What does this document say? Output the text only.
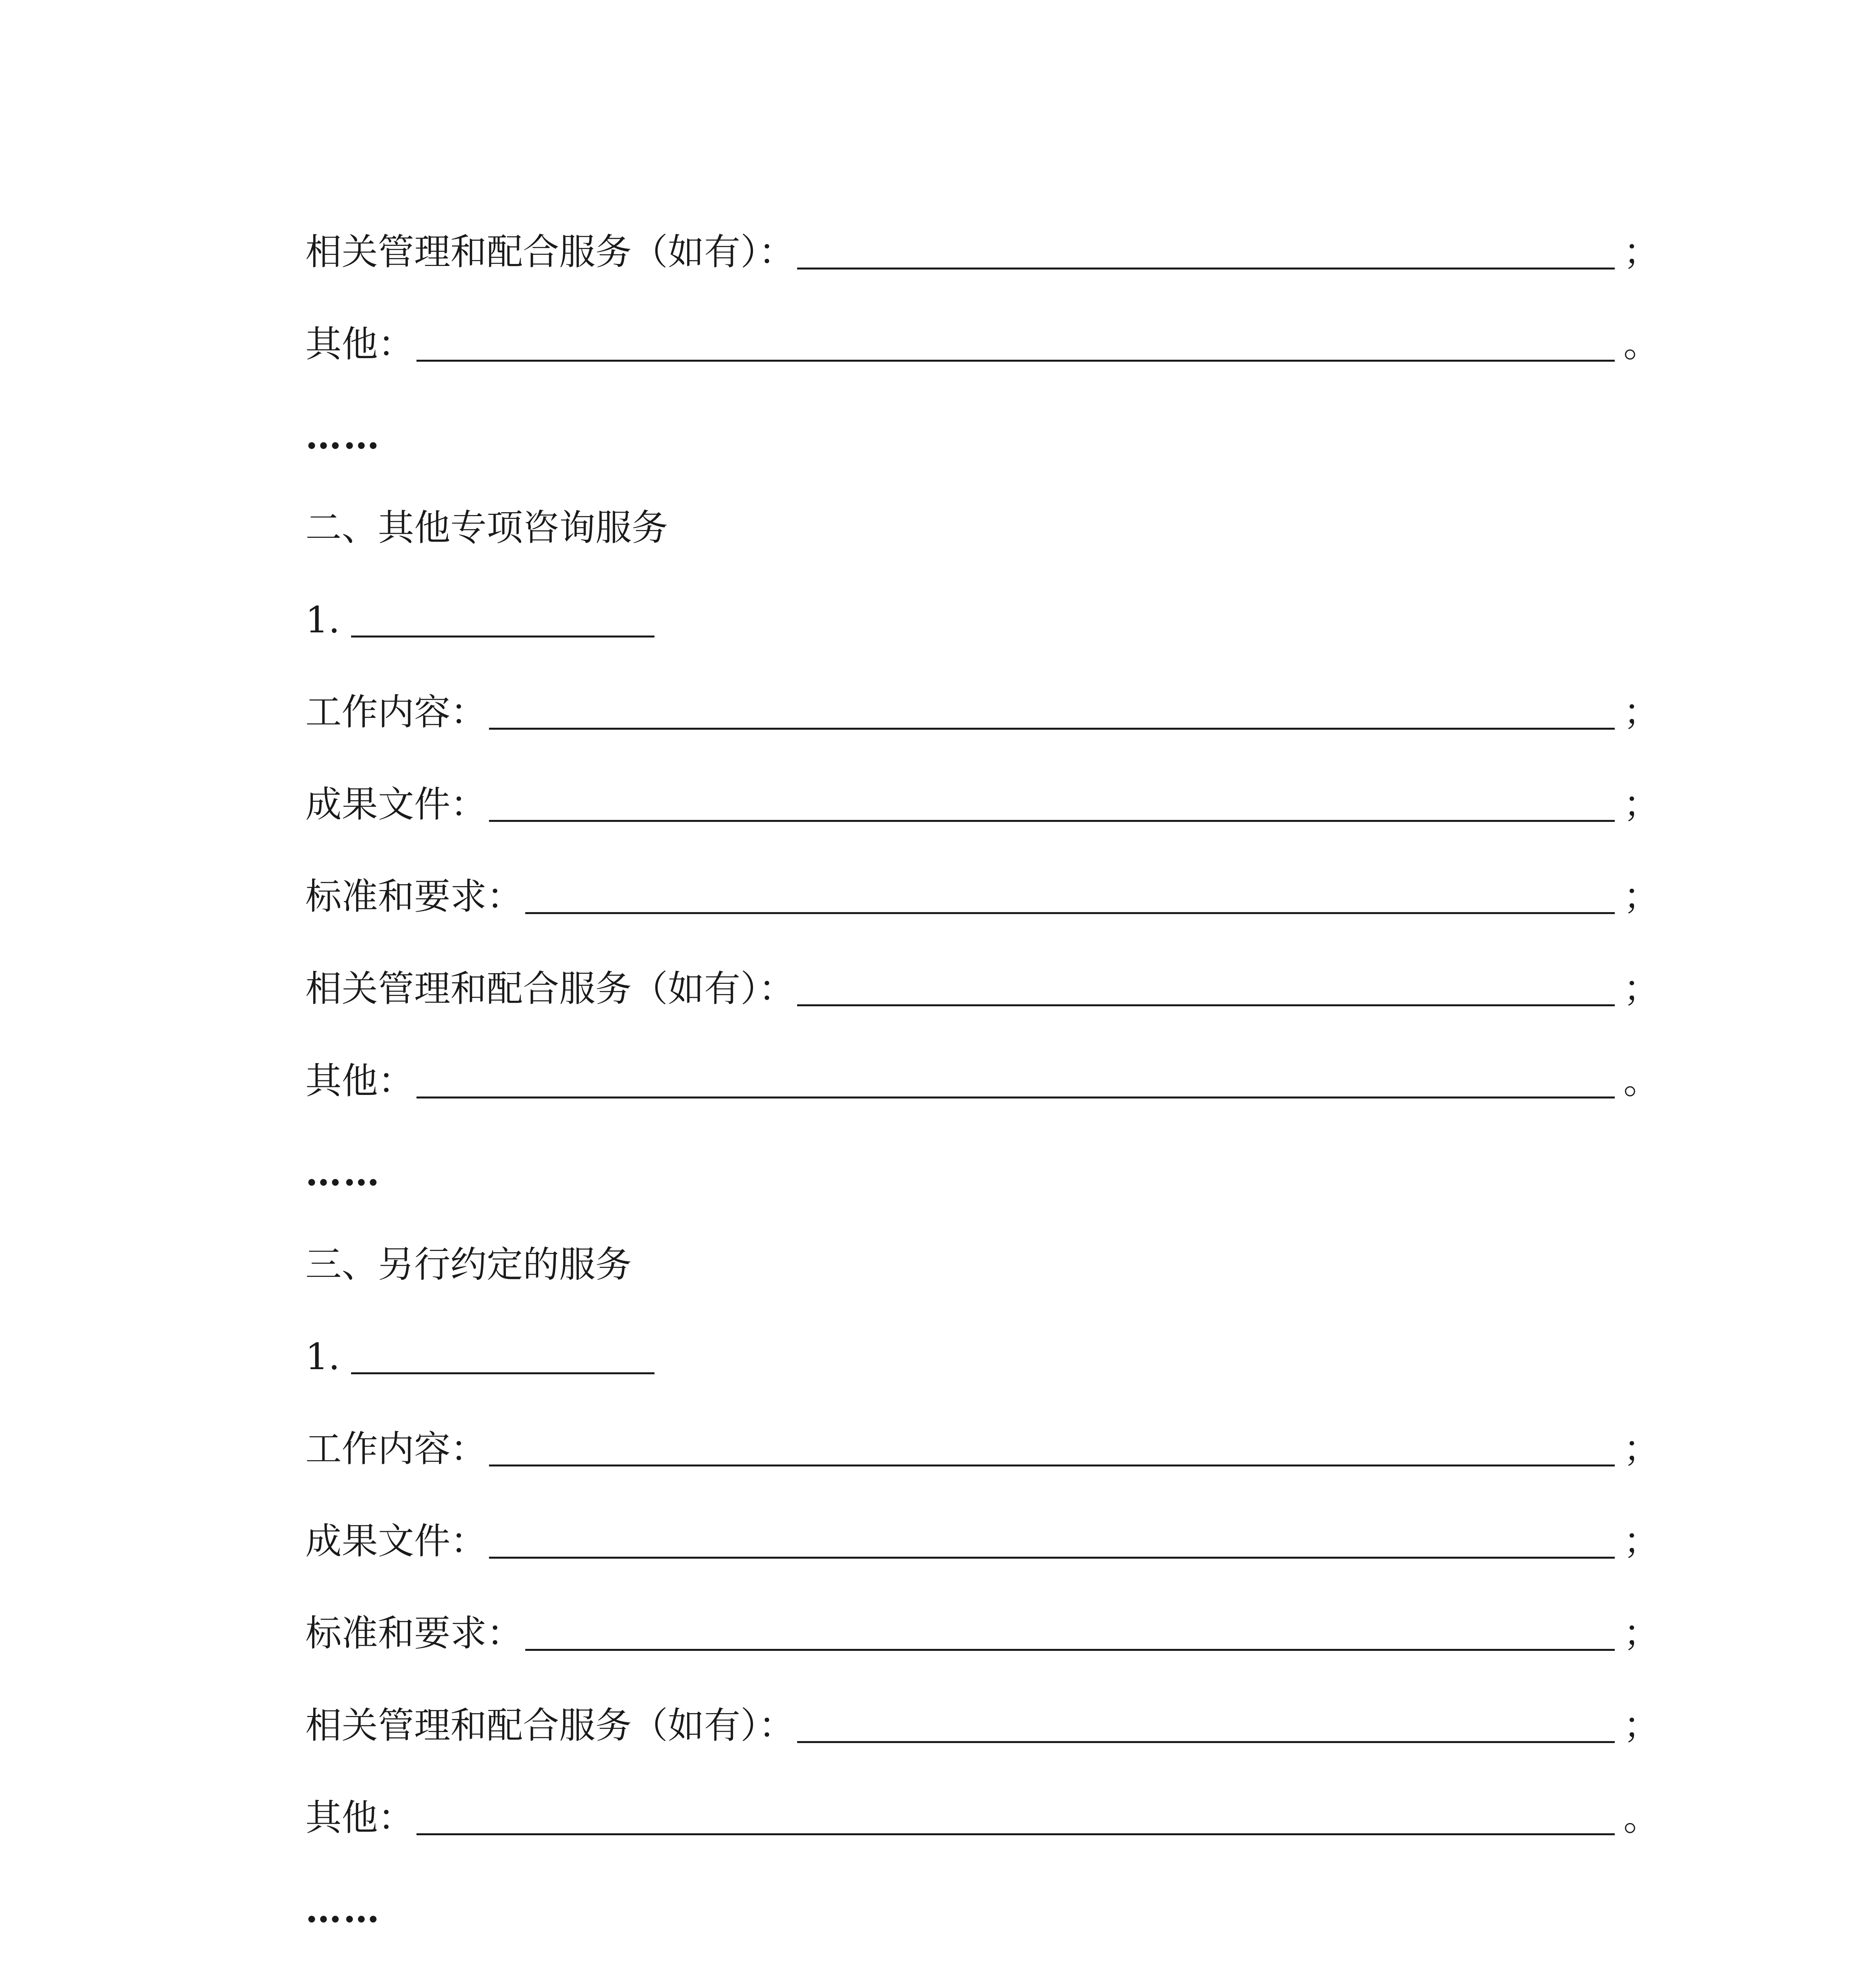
相关管理和配合服务（如有）：	；
其他：	。
……
二、其他专项咨询服务
1.
工作内容：	；
成果文件：	；
标准和要求：	；
相关管理和配合服务（如有）：	；
其他：	。
……
三、另行约定的服务
1.
工作内容：	；
成果文件：	；
标准和要求：	；
相关管理和配合服务（如有）：	；
其他：	。
……
